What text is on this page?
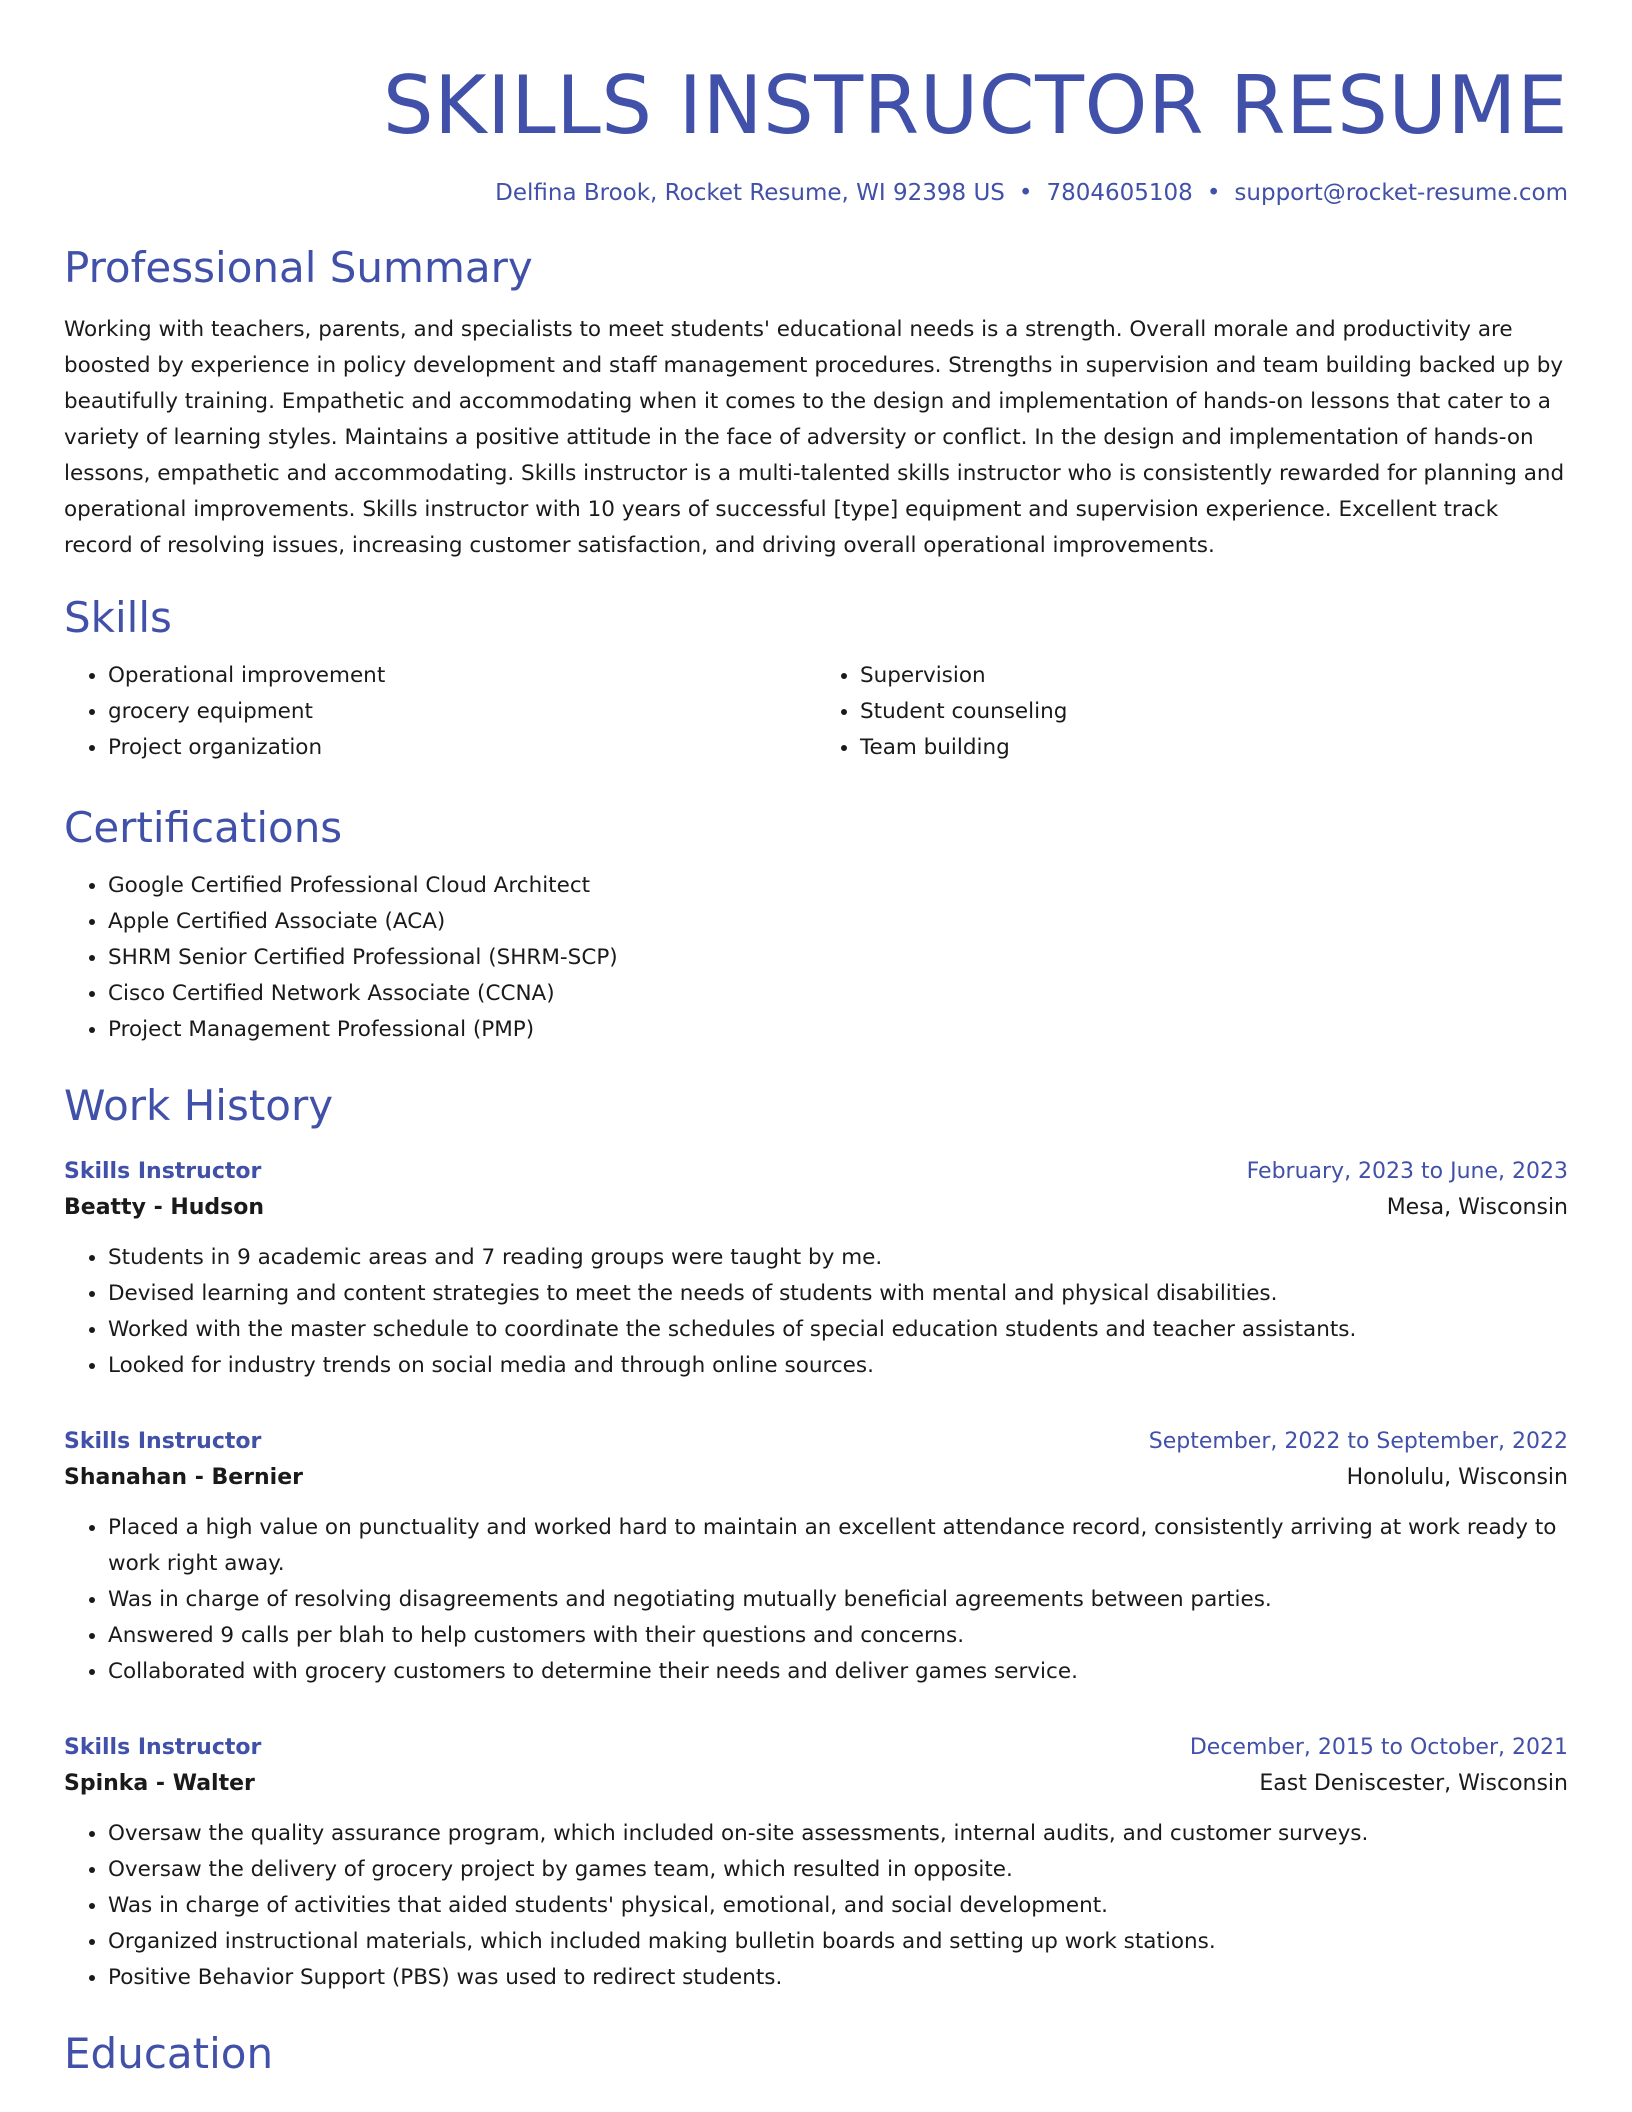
SKILLS INSTRUCTOR RESUME
Delfina Brook, Rocket Resume, WI 92398 US • 7804605108 • support@rocket-resume.com
Professional Summary

Working with teachers, parents, and specialists to meet students' educational needs is a strength. Overall morale and productivity are boosted by experience in policy development and staff management procedures. Strengths in supervision and team building backed up by beautifully training. Empathetic and accommodating when it comes to the design and implementation of hands-on lessons that cater to a variety of learning styles. Maintains a positive attitude in the face of adversity or conflict. In the design and implementation of hands-on lessons, empathetic and accommodating. Skills instructor is a multi-talented skills instructor who is consistently rewarded for planning and operational improvements. Skills instructor with 10 years of successful [type] equipment and supervision experience. Excellent track record of resolving issues, increasing customer satisfaction, and driving overall operational improvements.

Skills
• Operational improvement
• grocery equipment
• Project organization
• Supervision
• Student counseling
• Team building
Certifications
• Google Certified Professional Cloud Architect
• Apple Certified Associate (ACA)
• SHRM Senior Certified Professional (SHRM-SCP)
• Cisco Certified Network Associate (CCNA)
• Project Management Professional (PMP)
Work History
Skills Instructor	February, 2023 to June, 2023
Beatty - Hudson	Mesa, Wisconsin
• Students in 9 academic areas and 7 reading groups were taught by me.
• Devised learning and content strategies to meet the needs of students with mental and physical disabilities.
• Worked with the master schedule to coordinate the schedules of special education students and teacher assistants.
• Looked for industry trends on social media and through online sources.
Skills Instructor	September, 2022 to September, 2022
Shanahan - Bernier	Honolulu, Wisconsin
• Placed a high value on punctuality and worked hard to maintain an excellent attendance record, consistently arriving at work ready to work right away.
• Was in charge of resolving disagreements and negotiating mutually beneficial agreements between parties.
• Answered 9 calls per blah to help customers with their questions and concerns.
• Collaborated with grocery customers to determine their needs and deliver games service.
Skills Instructor	December, 2015 to October, 2021
Spinka - Walter	East Deniscester, Wisconsin
• Oversaw the quality assurance program, which included on-site assessments, internal audits, and customer surveys.
• Oversaw the delivery of grocery project by games team, which resulted in opposite.
• Was in charge of activities that aided students' physical, emotional, and social development.
• Organized instructional materials, which included making bulletin boards and setting up work stations.
• Positive Behavior Support (PBS) was used to redirect students.
Education
